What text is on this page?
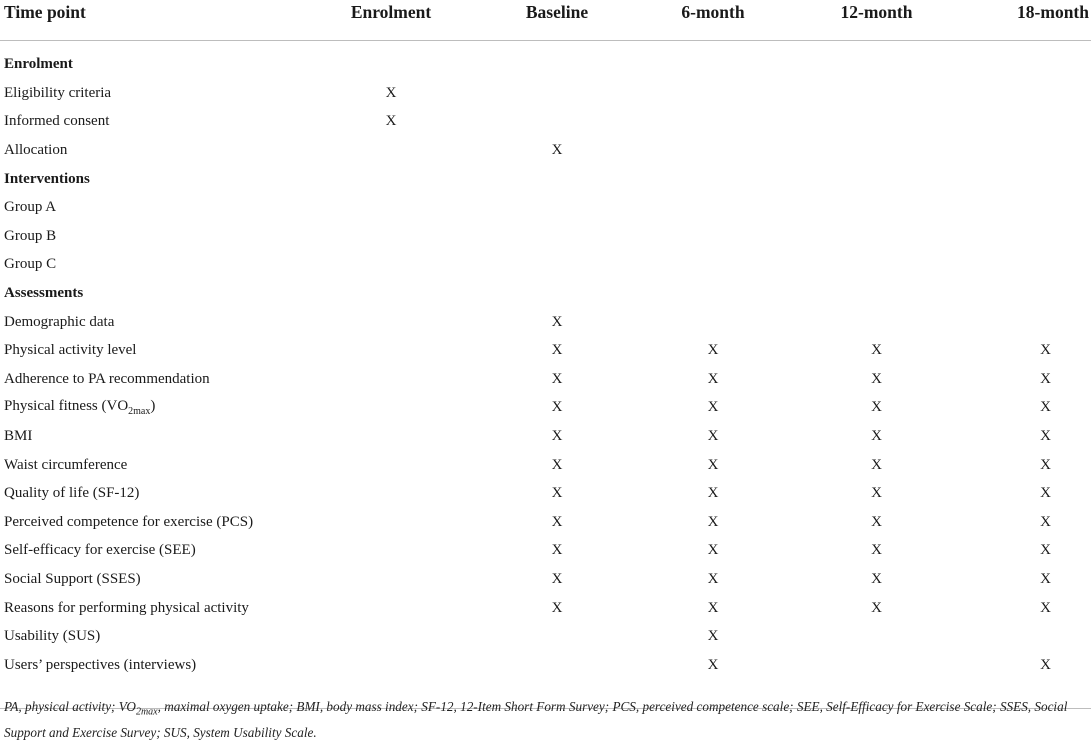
Time point	Enrolment	Baseline	6-month	12-month	18-month

Enrolment					
Eligibility criteria	X				
Informed consent	X				
Allocation		X			
Interventions					
Group A					
Group B					
Group C					
Assessments					
Demographic data		X			
Physical activity level		X	X	X	X
Adherence to PA recommendation		X	X	X	X
Physical fitness $(VO_{2max})$		X	X	X	X
BMI		X	X	X	X
Waist circumference		X	X	X	X
Quality of life (SF-12)		X	X	X	X
Perceived competence for exercise (PCS)		X	X	X	X
Self-efficacy for exercise (SEE)		X	X	X	X
Social Support (SSES)		X	X	X	X
Reasons for performing physical activity		X	X	X	X
Usability (SUS)			X		
Users’ perspectives (interviews)			X		X

PA, physical activity; $VO_{2max}$, maximal oxygen uptake; BMI, body mass index; SF-12, 12-Item Short Form Survey; PCS, perceived competence scale; SEE, Self-Efficacy for Exercise Scale; SSES, Social Support and Exercise Survey; SUS, System Usability Scale.
